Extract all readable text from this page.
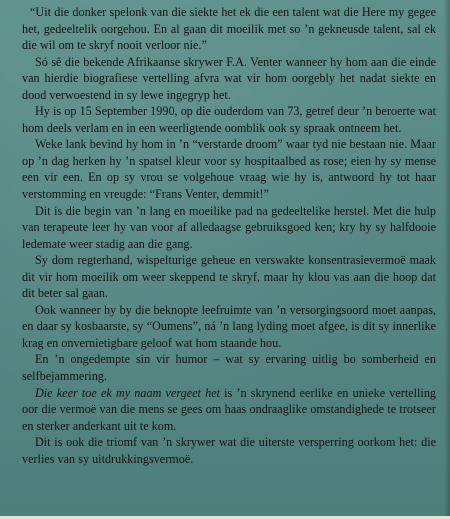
“Uit die donker spelonk van die siekte het ek die een talent wat die Here my gegee het, gedeeltelik oorgehou. En al gaan dit moeilik met so ’n gekneusde talent, sal ek die wil om te skryf nooit verloor nie.”

Só sê die bekende Afrikaanse skrywer F.A. Venter wanneer hy hom aan die einde van hierdie biografiese vertelling afvra wat vir hom oorgebly het nadat siekte en dood verwoestend in sy lewe ingegryp het.

Hy is op 15 September 1990, op die ouderdom van 73, getref deur ’n beroerte wat hom deels verlam en in een weerligtende oomblik ook sy spraak ontneem het.

Weke lank bevind hy hom in ’n “verstarde droom” waar tyd nie bestaan nie. Maar op ’n dag herken hy ’n spatsel kleur voor sy hospitaalbed as rose; eien hy sy mense een vir een. En op sy vrou se volgehoue vraag wie hy is, antwoord hy tot haar verstomming en vreugde: “Frans Venter, demmit!”

Dit is die begin van ’n lang en moeilike pad na gedeeltelike herstel. Met die hulp van terapeute leer hy van voor af alledaagse gebruiksgoed ken; kry hy sy halfdooie ledemate weer stadig aan die gang.

Sy dom regterhand, wispelturige geheue en verswakte konsentrasievermoë maak dit vir hom moeilik om weer skeppend te skryf, maar hy klou vas aan die hoop dat dit beter sal gaan.

Ook wanneer hy by die beknopte leefruimte van ’n versorgingsoord moet aanpas, en daar sy kosbaarste, sy “Oumens”, ná ’n lang lyding moet afgee, is dit sy innerlike krag en onvernietigbare geloof wat hom staande hou.

En ’n ongedempte sin vir humor – wat sy ervaring uitlig bo somberheid en selfbejammering.

Die keer toe ek my naam vergeet het is ’n skrynend eerlike en unieke vertelling oor die vermoë van die mens se gees om haas ondraaglike omstandighede te trotseer en sterker anderkant uit te kom.

Dit is ook die triomf van ’n skrywer wat die uiterste versperring oorkom het: die verlies van sy uitdrukkingsvermoë.
